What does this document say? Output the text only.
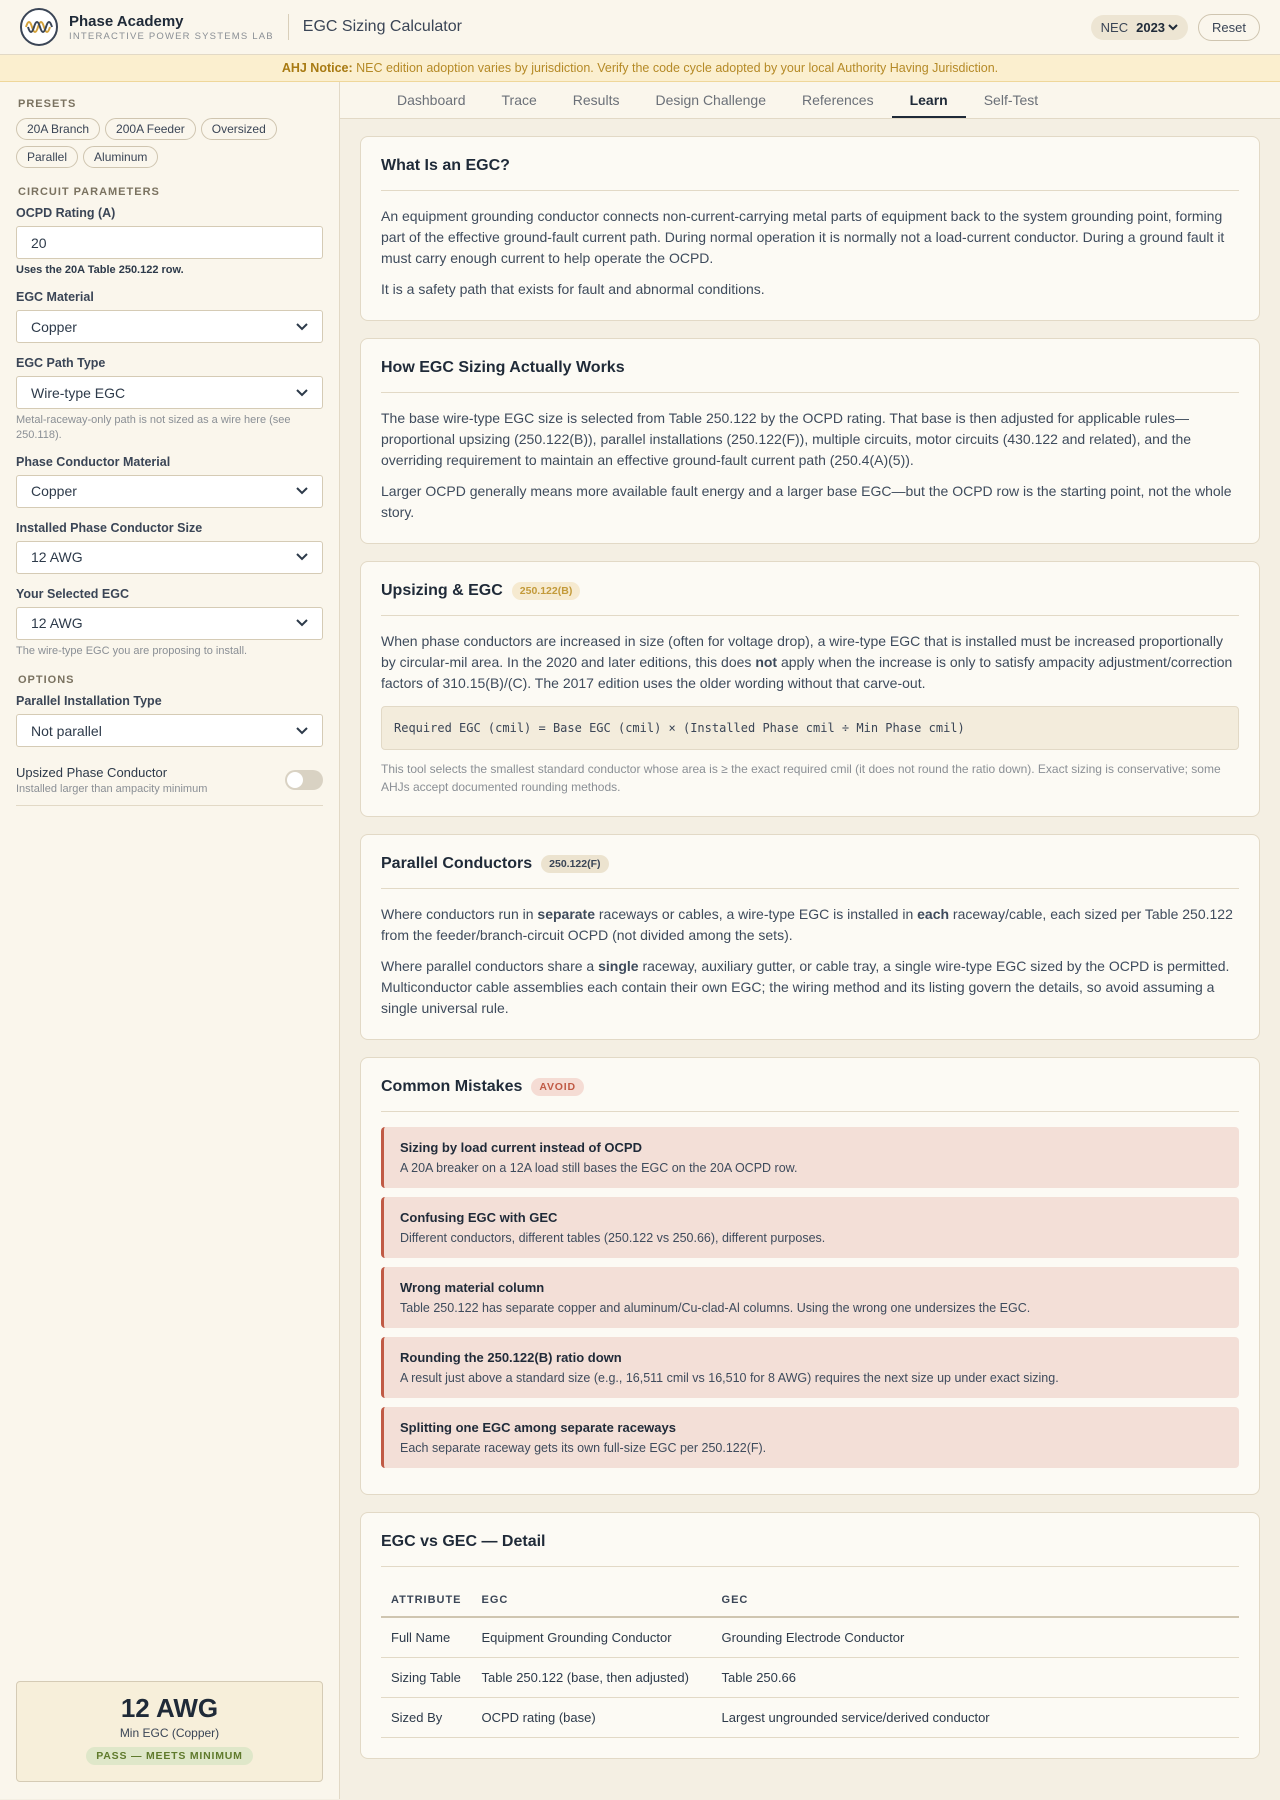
Phase Academy
INTERACTIVE POWER SYSTEMS LAB
EGC Sizing Calculator	NEC 2023	Reset
AHJ Notice: NEC edition adoption varies by jurisdiction. Verify the code cycle adopted by your local Authority Having Jurisdiction.
PRESETS
20A Branch	200A Feeder	Oversized
Parallel	Aluminum
CIRCUIT PARAMETERS
OCPD Rating (A)
20
Uses the 20A Table 250.122 row.
EGC Material
Copper
EGC Path Type
Wire-type EGC
Metal-raceway-only path is not sized as a wire here (see 250.118).
Phase Conductor Material
Copper
Installed Phase Conductor Size
12 AWG
Your Selected EGC
12 AWG
The wire-type EGC you are proposing to install.
OPTIONS
Parallel Installation Type
Not parallel
Upsized Phase Conductor
Installed larger than ampacity minimum
12 AWG
Min EGC (Copper)
PASS — MEETS MINIMUM
Dashboard	Trace	Results	Design Challenge	References	Learn	Self-Test
What Is an EGC?

An equipment grounding conductor connects non-current-carrying metal parts of equipment back to the system grounding point, forming part of the effective ground-fault current path. During normal operation it is normally not a load-current conductor. During a ground fault it must carry enough current to help operate the OCPD.

It is a safety path that exists for fault and abnormal conditions.

How EGC Sizing Actually Works

The base wire-type EGC size is selected from Table 250.122 by the OCPD rating. That base is then adjusted for applicable rules—proportional upsizing (250.122(B)), parallel installations (250.122(F)), multiple circuits, motor circuits (430.122 and related), and the overriding requirement to maintain an effective ground-fault current path (250.4(A)(5)).

Larger OCPD generally means more available fault energy and a larger base EGC—but the OCPD row is the starting point, not the whole story.

Upsizing & EGC	250.122(B)

When phase conductors are increased in size (often for voltage drop), a wire-type EGC that is installed must be increased proportionally by circular-mil area. In the 2020 and later editions, this does not apply when the increase is only to satisfy ampacity adjustment/correction factors of 310.15(B)/(C). The 2017 edition uses the older wording without that carve-out.

Required EGC (cmil) = Base EGC (cmil) × (Installed Phase cmil ÷ Min Phase cmil)
This tool selects the smallest standard conductor whose area is ≥ the exact required cmil (it does not round the ratio down). Exact sizing is conservative; some AHJs accept documented rounding methods.
Parallel Conductors	250.122(F)

Where conductors run in separate raceways or cables, a wire-type EGC is installed in each raceway/cable, each sized per Table 250.122 from the feeder/branch-circuit OCPD (not divided among the sets).

Where parallel conductors share a single raceway, auxiliary gutter, or cable tray, a single wire-type EGC sized by the OCPD is permitted. Multiconductor cable assemblies each contain their own EGC; the wiring method and its listing govern the details, so avoid assuming a single universal rule.

Common Mistakes	AVOID
Sizing by load current instead of OCPD
A 20A breaker on a 12A load still bases the EGC on the 20A OCPD row.
Confusing EGC with GEC
Different conductors, different tables (250.122 vs 250.66), different purposes.
Wrong material column
Table 250.122 has separate copper and aluminum/Cu-clad-Al columns. Using the wrong one undersizes the EGC.
Rounding the 250.122(B) ratio down
A result just above a standard size (e.g., 16,511 cmil vs 16,510 for 8 AWG) requires the next size up under exact sizing.
Splitting one EGC among separate raceways
Each separate raceway gets its own full-size EGC per 250.122(F).
EGC vs GEC — Detail
ATTRIBUTE	EGC	GEC
Full Name	Equipment Grounding Conductor	Grounding Electrode Conductor
Sizing Table	Table 250.122 (base, then adjusted)	Table 250.66
Sized By	OCPD rating (base)	Largest ungrounded service/derived conductor
